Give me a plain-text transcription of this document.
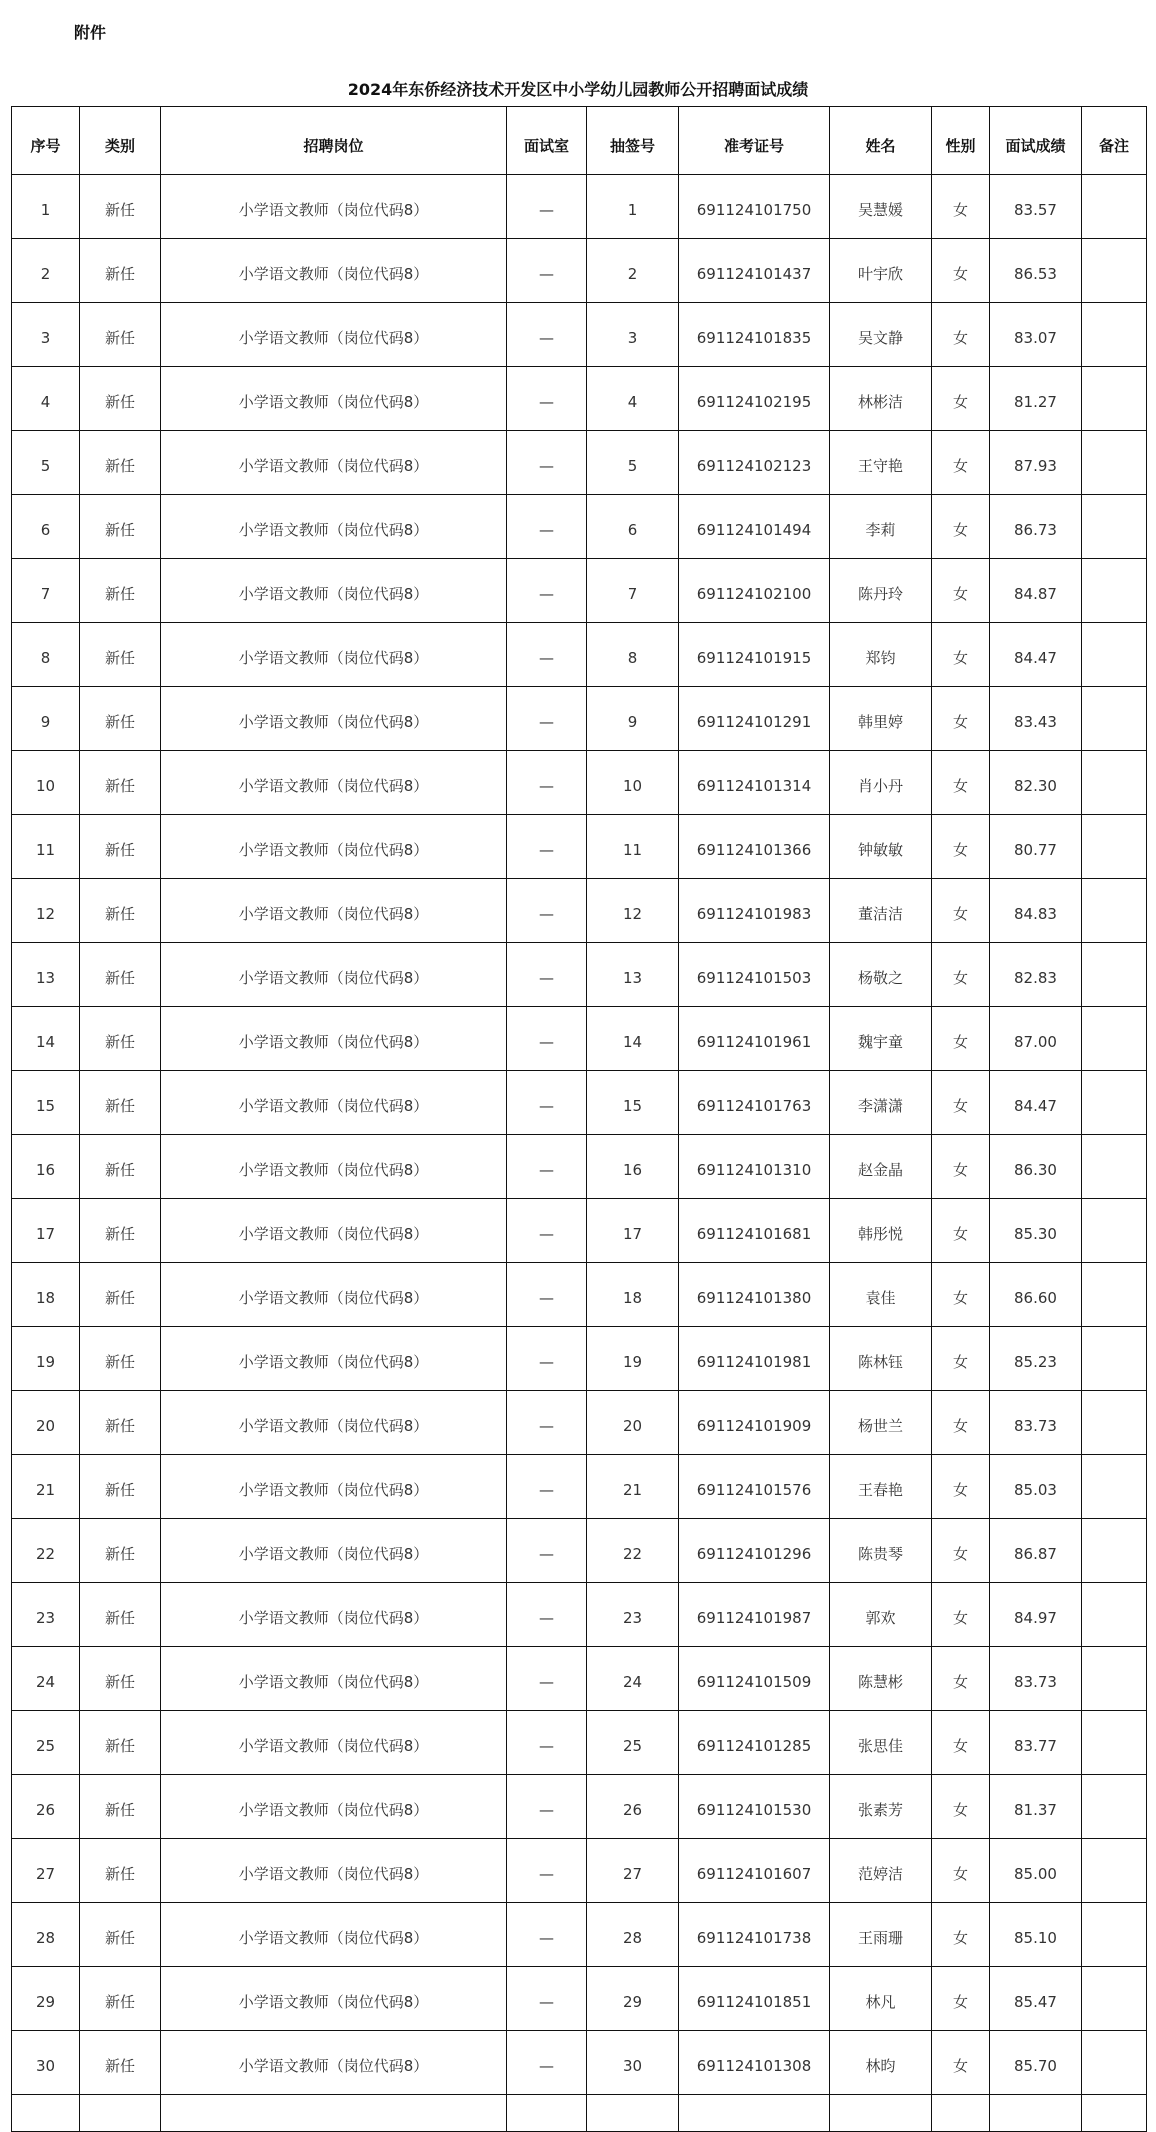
附件
2024年东侨经济技术开发区中小学幼儿园教师公开招聘面试成绩
序号	类别	招聘岗位	面试室	抽签号	准考证号	姓名	性别	面试成绩	备注
1	新任	小学语文教师（岗位代码8）	—	1	691124101750	吴慧媛	女	83.57	
2	新任	小学语文教师（岗位代码8）	—	2	691124101437	叶宇欣	女	86.53	
3	新任	小学语文教师（岗位代码8）	—	3	691124101835	吴文静	女	83.07	
4	新任	小学语文教师（岗位代码8）	—	4	691124102195	林彬洁	女	81.27	
5	新任	小学语文教师（岗位代码8）	—	5	691124102123	王守艳	女	87.93	
6	新任	小学语文教师（岗位代码8）	—	6	691124101494	李莉	女	86.73	
7	新任	小学语文教师（岗位代码8）	—	7	691124102100	陈丹玲	女	84.87	
8	新任	小学语文教师（岗位代码8）	—	8	691124101915	郑钧	女	84.47	
9	新任	小学语文教师（岗位代码8）	—	9	691124101291	韩里婷	女	83.43	
10	新任	小学语文教师（岗位代码8）	—	10	691124101314	肖小丹	女	82.30	
11	新任	小学语文教师（岗位代码8）	—	11	691124101366	钟敏敏	女	80.77	
12	新任	小学语文教师（岗位代码8）	—	12	691124101983	董洁洁	女	84.83	
13	新任	小学语文教师（岗位代码8）	—	13	691124101503	杨敬之	女	82.83	
14	新任	小学语文教师（岗位代码8）	—	14	691124101961	魏宇童	女	87.00	
15	新任	小学语文教师（岗位代码8）	—	15	691124101763	李潇潇	女	84.47	
16	新任	小学语文教师（岗位代码8）	—	16	691124101310	赵金晶	女	86.30	
17	新任	小学语文教师（岗位代码8）	—	17	691124101681	韩彤悦	女	85.30	
18	新任	小学语文教师（岗位代码8）	—	18	691124101380	袁佳	女	86.60	
19	新任	小学语文教师（岗位代码8）	—	19	691124101981	陈林钰	女	85.23	
20	新任	小学语文教师（岗位代码8）	—	20	691124101909	杨世兰	女	83.73	
21	新任	小学语文教师（岗位代码8）	—	21	691124101576	王春艳	女	85.03	
22	新任	小学语文教师（岗位代码8）	—	22	691124101296	陈贵琴	女	86.87	
23	新任	小学语文教师（岗位代码8）	—	23	691124101987	郭欢	女	84.97	
24	新任	小学语文教师（岗位代码8）	—	24	691124101509	陈慧彬	女	83.73	
25	新任	小学语文教师（岗位代码8）	—	25	691124101285	张思佳	女	83.77	
26	新任	小学语文教师（岗位代码8）	—	26	691124101530	张素芳	女	81.37	
27	新任	小学语文教师（岗位代码8）	—	27	691124101607	范婷洁	女	85.00	
28	新任	小学语文教师（岗位代码8）	—	28	691124101738	王雨珊	女	85.10	
29	新任	小学语文教师（岗位代码8）	—	29	691124101851	林凡	女	85.47	
30	新任	小学语文教师（岗位代码8）	—	30	691124101308	林昀	女	85.70	
